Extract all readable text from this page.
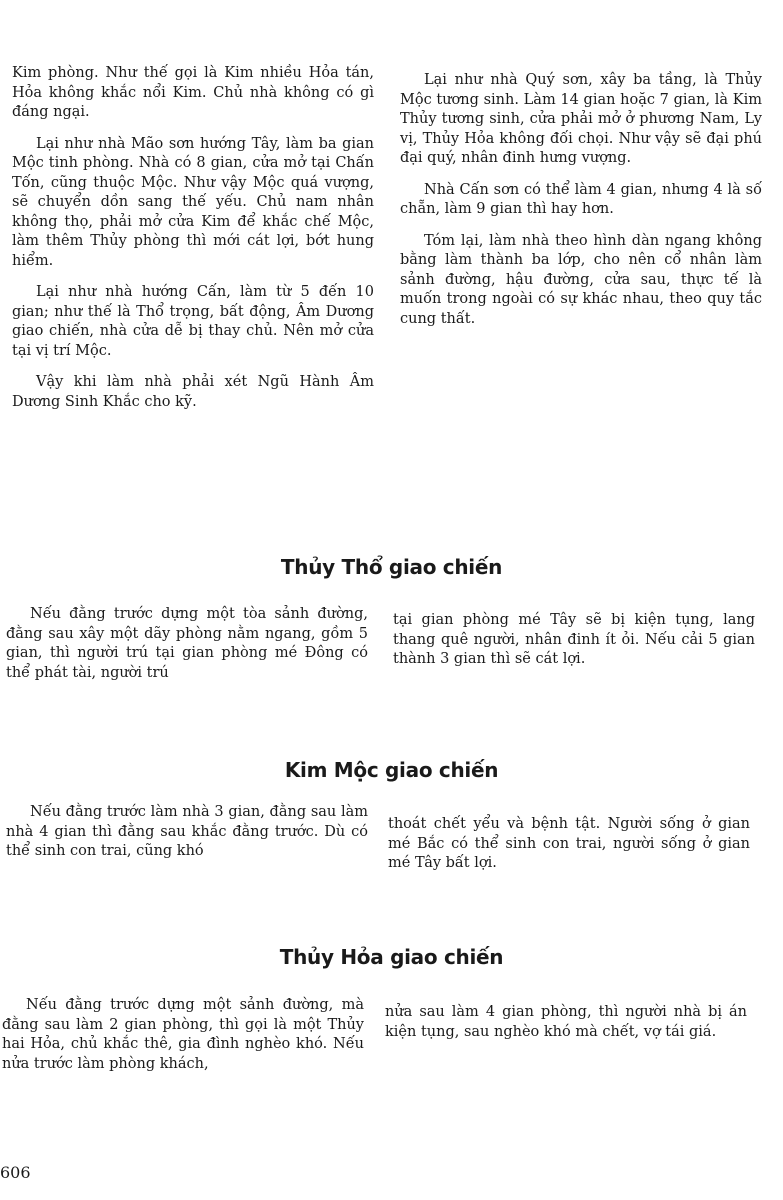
Kim phòng. Như thế gọi là Kim nhiều Hỏa tán, Hỏa không khắc nổi Kim. Chủ nhà không có gì đáng ngại.

Lại như nhà Mão sơn hướng Tây, làm ba gian Mộc tinh phòng. Nhà có 8 gian, cửa mở tại Chấn Tốn, cũng thuộc Mộc. Như vậy Mộc quá vượng, sẽ chuyển dồn sang thế yếu. Chủ nam nhân không thọ, phải mở cửa Kim để khắc chế Mộc, làm thêm Thủy phòng thì mới cát lợi, bớt hung hiểm.

Lại như nhà hướng Cấn, làm từ 5 đến 10 gian; như thế là Thổ trọng, bất động, Âm Dương giao chiến, nhà cửa dễ bị thay chủ. Nên mở cửa tại vị trí Mộc.

Vậy khi làm nhà phải xét Ngũ Hành Âm Dương Sinh Khắc cho kỹ.

Lại như nhà Quý sơn, xây ba tầng, là Thủy Mộc tương sinh. Làm 14 gian hoặc 7 gian, là Kim Thủy tương sinh, cửa phải mở ở phương Nam, Ly vị, Thủy Hỏa không đối chọi. Như vậy sẽ đại phú đại quý, nhân đinh hưng vượng.

Nhà Cấn sơn có thể làm 4 gian, nhưng 4 là số chẵn, làm 9 gian thì hay hơn.

Tóm lại, làm nhà theo hình dàn ngang không bằng làm thành ba lớp, cho nên cổ nhân làm sảnh đường, hậu đường, cửa sau, thực tế là muốn trong ngoài có sự khác nhau, theo quy tắc cung thất.

Thủy Thổ giao chiến

Nếu đằng trước dựng một tòa sảnh đường, đằng sau xây một dãy phòng nằm ngang, gồm 5 gian, thì người trú tại gian phòng mé Đông có thể phát tài, người trú

tại gian phòng mé Tây sẽ bị kiện tụng, lang thang quê người, nhân đinh ít ỏi. Nếu cải 5 gian thành 3 gian thì sẽ cát lợi.

Kim Mộc giao chiến

Nếu đằng trước làm nhà 3 gian, đằng sau làm nhà 4 gian thì đằng sau khắc đằng trước. Dù có thể sinh con trai, cũng khó

thoát chết yểu và bệnh tật. Người sống ở gian mé Bắc có thể sinh con trai, người sống ở gian mé Tây bất lợi.

Thủy Hỏa giao chiến

Nếu đằng trước dựng một sảnh đường, mà đằng sau làm 2 gian phòng, thì gọi là một Thủy hai Hỏa, chủ khắc thê, gia đình nghèo khó. Nếu nửa trước làm phòng khách,

nửa sau làm 4 gian phòng, thì người nhà bị án kiện tụng, sau nghèo khó mà chết, vợ tái giá.

606
